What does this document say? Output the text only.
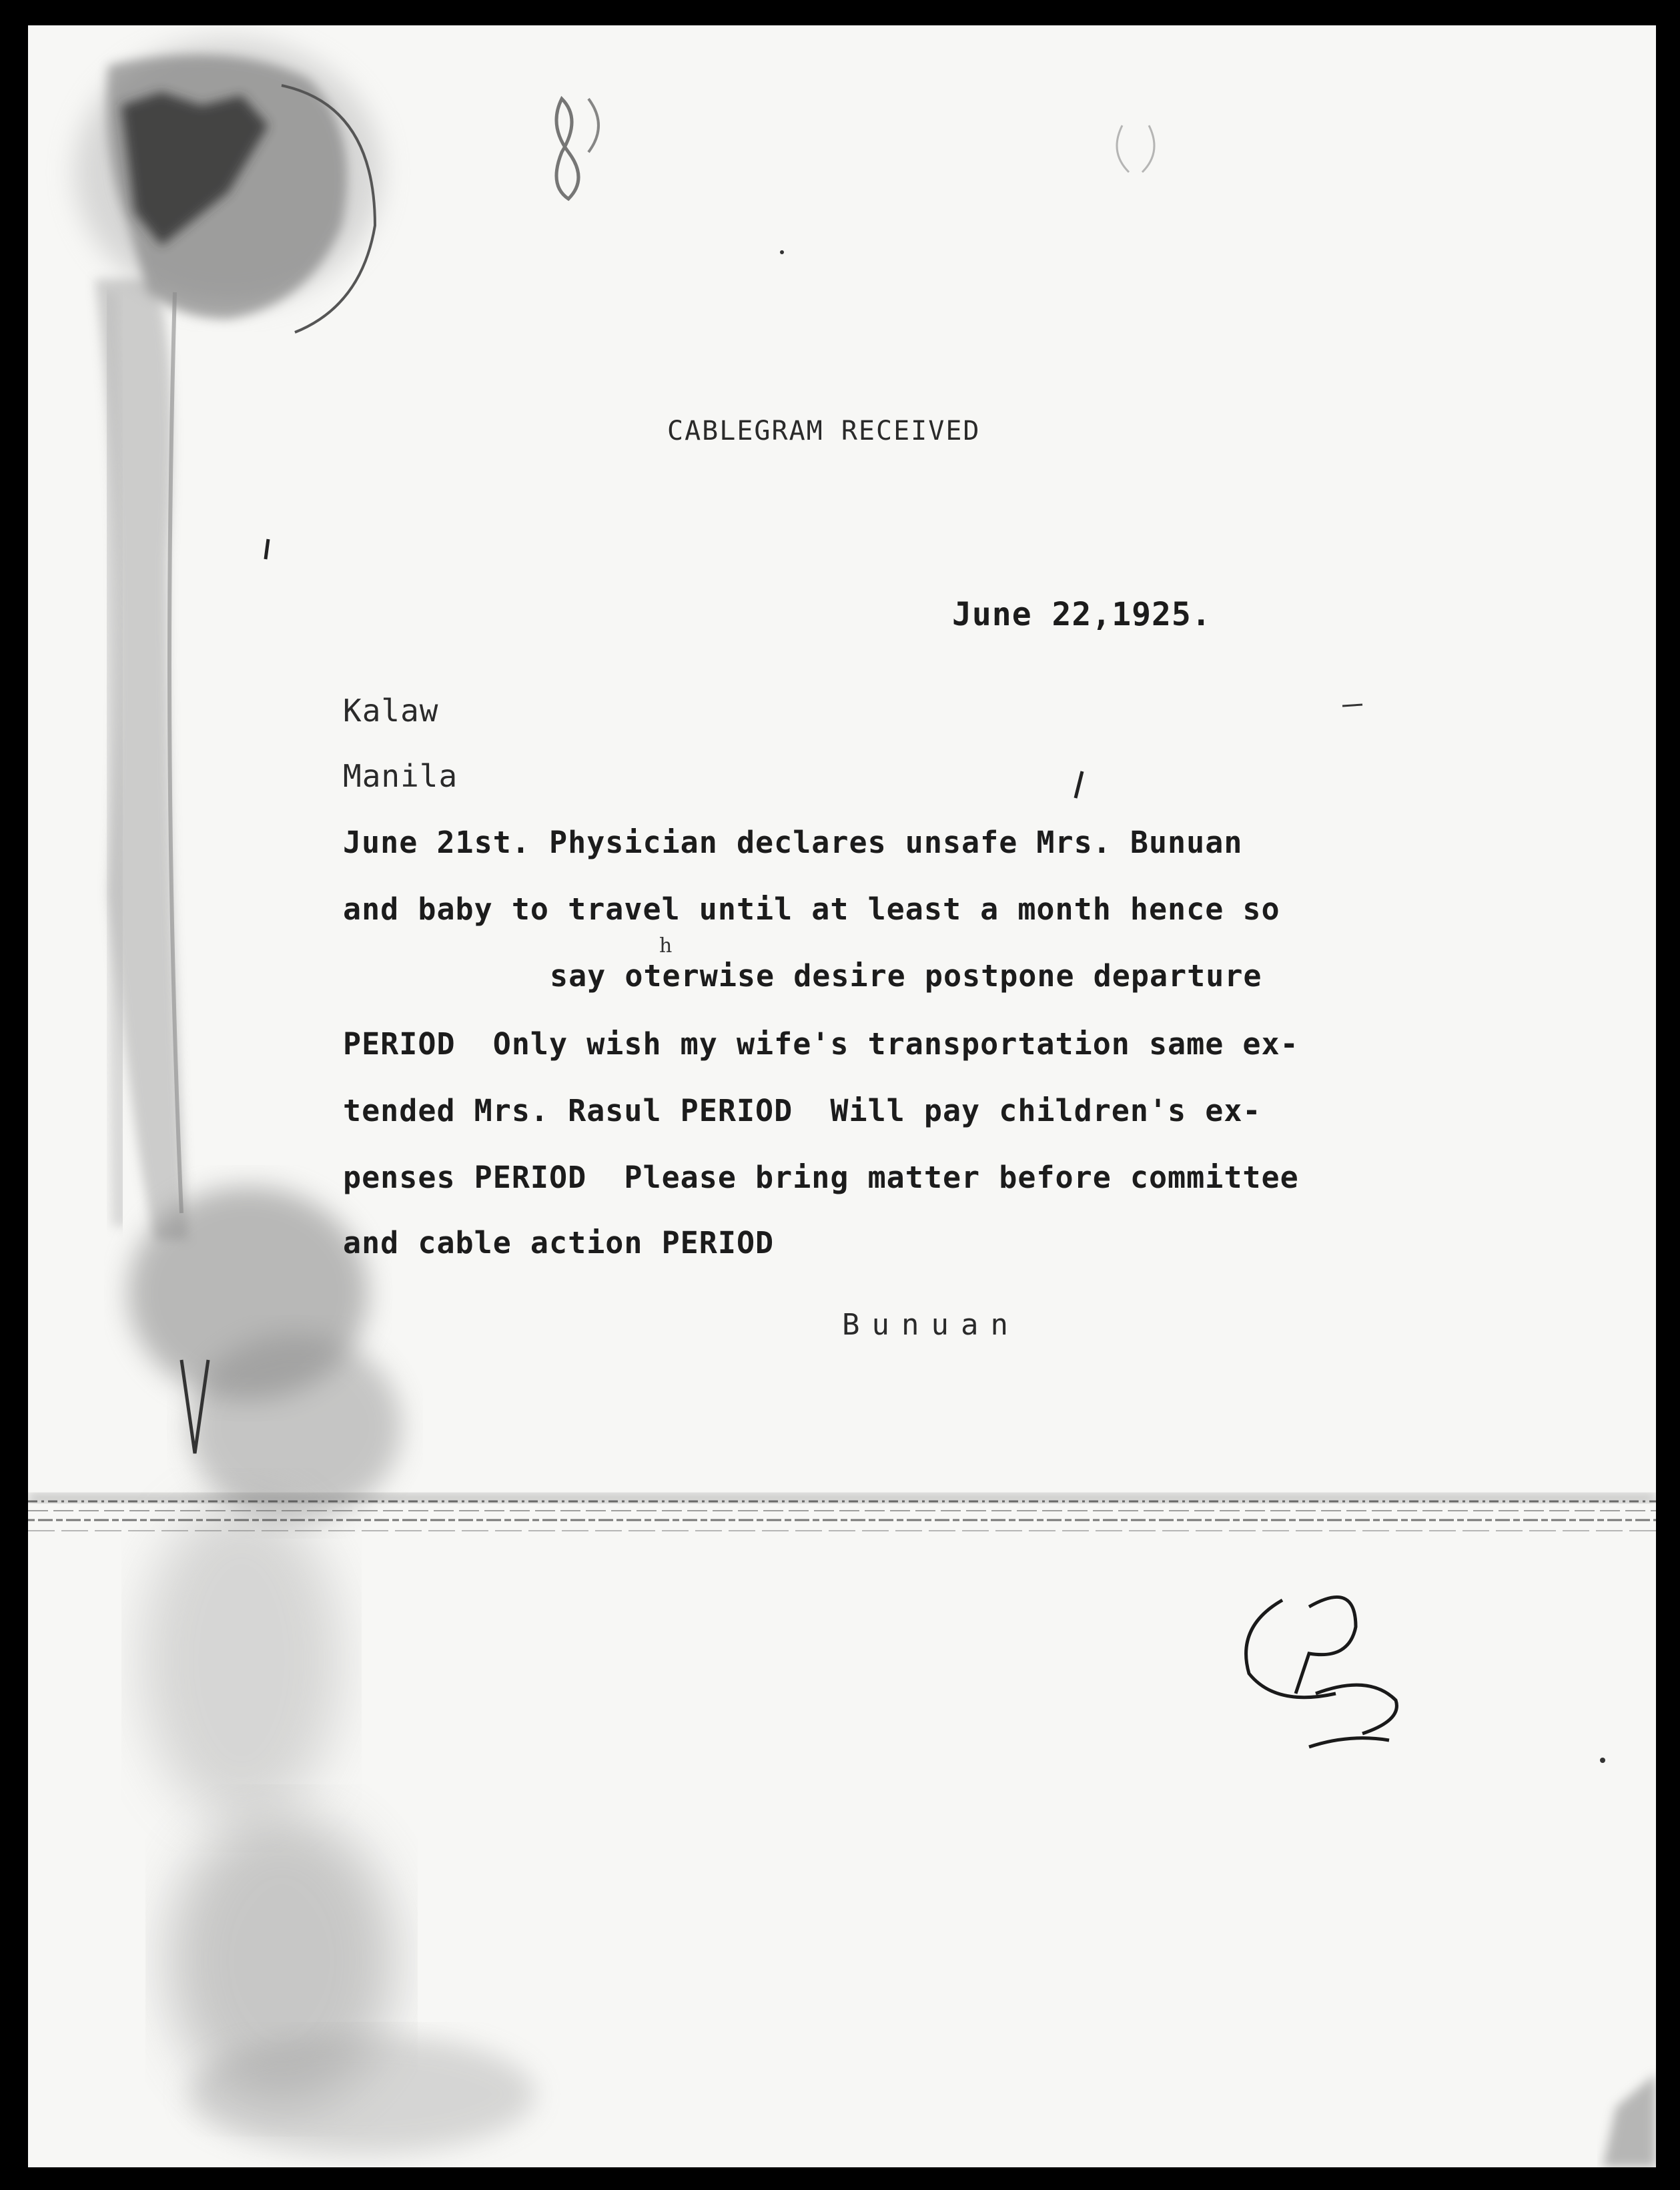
CABLEGRAM RECEIVED
June 22,1925.
Kalaw
Manila
June 21st. Physician declares unsafe Mrs. Bunuan
and baby to travel until at least a month hence so
h
say oterwise desire postpone departure
PERIOD  Only wish my wife's transportation same ex-
tended Mrs. Rasul PERIOD  Will pay children's ex-
penses PERIOD  Please bring matter before committee
and cable action PERIOD
Bunuan
